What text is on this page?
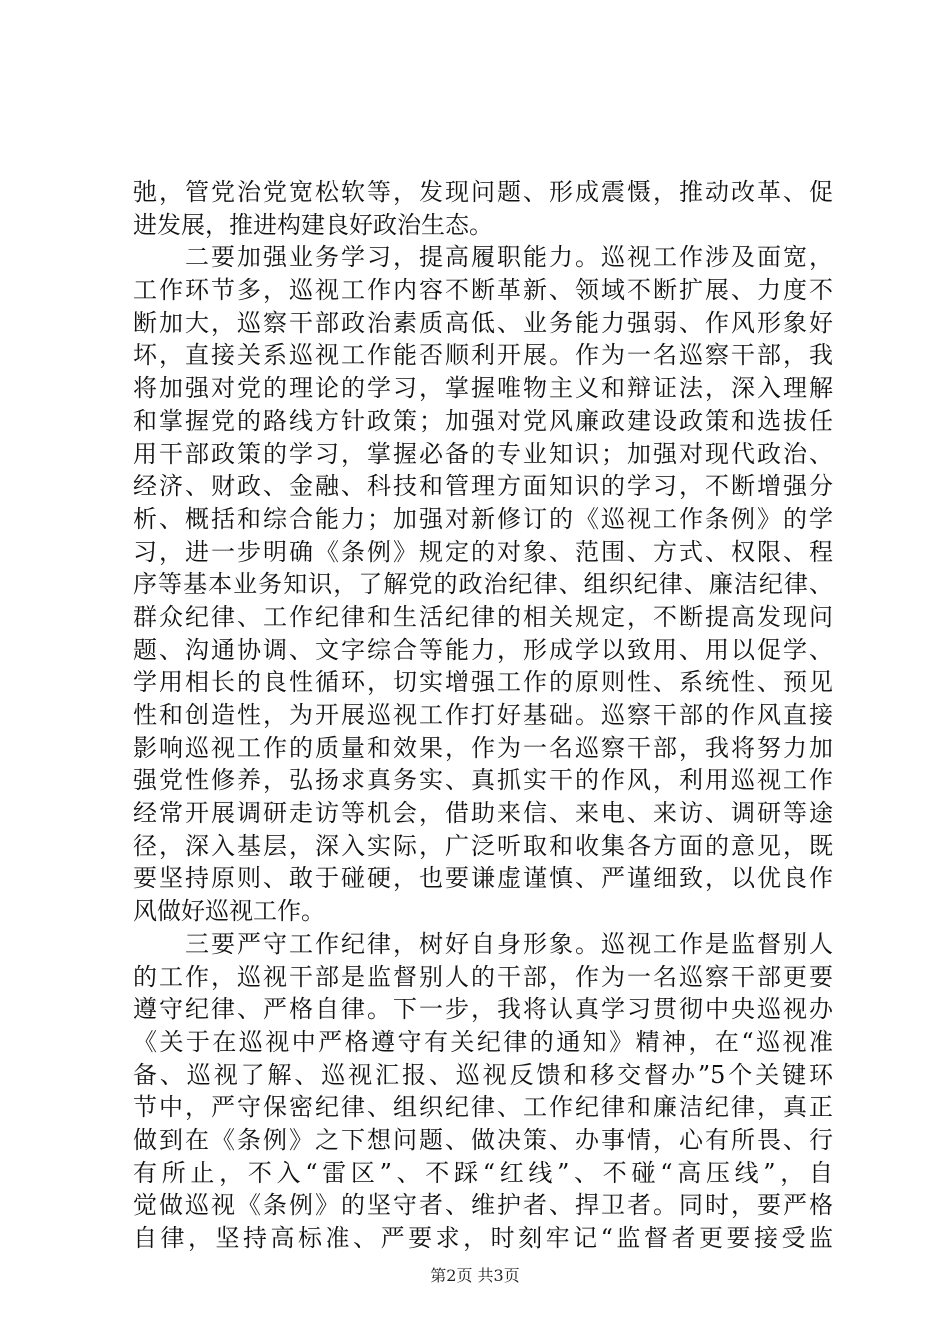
弛，管党治党宽松软等，发现问题、形成震慑，推动改革、促
进发展，推进构建良好政治生态。
　　二要加强业务学习，提高履职能力。巡视工作涉及面宽，
工作环节多，巡视工作内容不断革新、领域不断扩展、力度不
断加大，巡察干部政治素质高低、业务能力强弱、作风形象好
坏，直接关系巡视工作能否顺利开展。作为一名巡察干部，我
将加强对党的理论的学习，掌握唯物主义和辩证法，深入理解
和掌握党的路线方针政策；加强对党风廉政建设政策和选拔任
用干部政策的学习，掌握必备的专业知识；加强对现代政治、
经济、财政、金融、科技和管理方面知识的学习，不断增强分
析、概括和综合能力；加强对新修订的《巡视工作条例》的学
习，进一步明确《条例》规定的对象、范围、方式、权限、程
序等基本业务知识，了解党的政治纪律、组织纪律、廉洁纪律、
群众纪律、工作纪律和生活纪律的相关规定，不断提高发现问
题、沟通协调、文字综合等能力，形成学以致用、用以促学、
学用相长的良性循环，切实增强工作的原则性、系统性、预见
性和创造性，为开展巡视工作打好基础。巡察干部的作风直接
影响巡视工作的质量和效果，作为一名巡察干部，我将努力加
强党性修养，弘扬求真务实、真抓实干的作风，利用巡视工作
经常开展调研走访等机会，借助来信、来电、来访、调研等途
径，深入基层，深入实际，广泛听取和收集各方面的意见，既
要坚持原则、敢于碰硬，也要谦虚谨慎、严谨细致，以优良作
风做好巡视工作。
　　三要严守工作纪律，树好自身形象。巡视工作是监督别人
的工作，巡视干部是监督别人的干部，作为一名巡察干部更要
遵守纪律、严格自律。下一步，我将认真学习贯彻中央巡视办
《关于在巡视中严格遵守有关纪律的通知》精神，在“巡视准
备、巡视了解、巡视汇报、巡视反馈和移交督办”5个关键环
节中，严守保密纪律、组织纪律、工作纪律和廉洁纪律，真正
做到在《条例》之下想问题、做决策、办事情，心有所畏、行
有所止，不入“雷区”、不踩“红线”、不碰“高压线”，自
觉做巡视《条例》的坚守者、维护者、捍卫者。同时，要严格
自律，坚持高标准、严要求，时刻牢记“监督者更要接受监
第2页 共3页
